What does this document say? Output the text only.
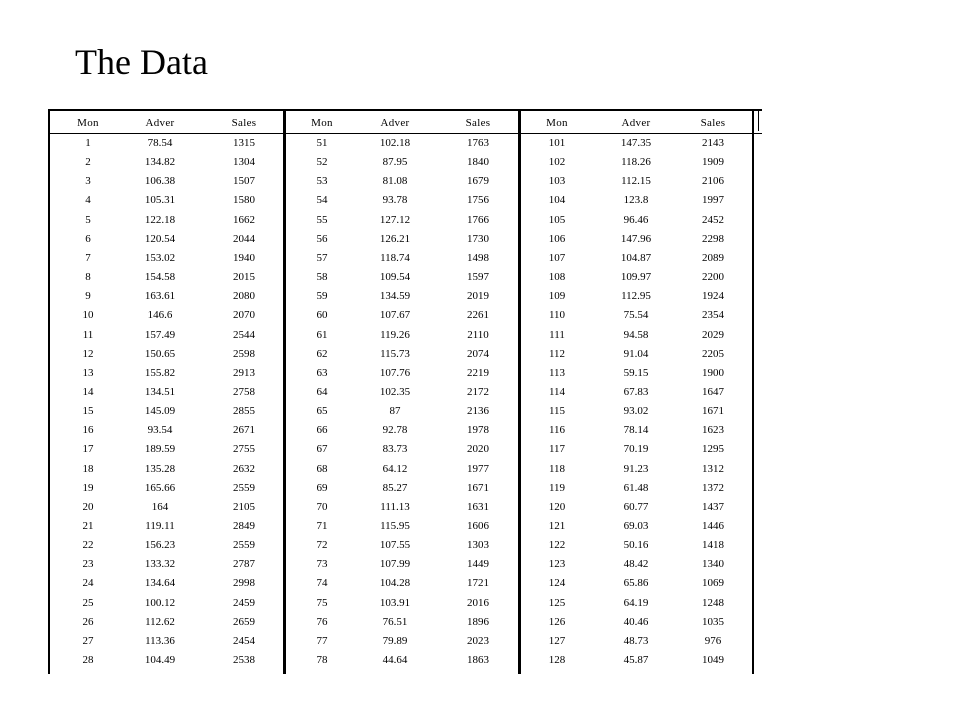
The Data
Mon	Adver	Sales
1	78.54	1315
2	134.82	1304
3	106.38	1507
4	105.31	1580
5	122.18	1662
6	120.54	2044
7	153.02	1940
8	154.58	2015
9	163.61	2080
10	146.6	2070
11	157.49	2544
12	150.65	2598
13	155.82	2913
14	134.51	2758
15	145.09	2855
16	93.54	2671
17	189.59	2755
18	135.28	2632
19	165.66	2559
20	164	2105
21	119.11	2849
22	156.23	2559
23	133.32	2787
24	134.64	2998
25	100.12	2459
26	112.62	2659
27	113.36	2454
28	104.49	2538
Mon	Adver	Sales
51	102.18	1763
52	87.95	1840
53	81.08	1679
54	93.78	1756
55	127.12	1766
56	126.21	1730
57	118.74	1498
58	109.54	1597
59	134.59	2019
60	107.67	2261
61	119.26	2110
62	115.73	2074
63	107.76	2219
64	102.35	2172
65	87	2136
66	92.78	1978
67	83.73	2020
68	64.12	1977
69	85.27	1671
70	111.13	1631
71	115.95	1606
72	107.55	1303
73	107.99	1449
74	104.28	1721
75	103.91	2016
76	76.51	1896
77	79.89	2023
78	44.64	1863
Mon	Adver	Sales
101	147.35	2143
102	118.26	1909
103	112.15	2106
104	123.8	1997
105	96.46	2452
106	147.96	2298
107	104.87	2089
108	109.97	2200
109	112.95	1924
110	75.54	2354
111	94.58	2029
112	91.04	2205
113	59.15	1900
114	67.83	1647
115	93.02	1671
116	78.14	1623
117	70.19	1295
118	91.23	1312
119	61.48	1372
120	60.77	1437
121	69.03	1446
122	50.16	1418
123	48.42	1340
124	65.86	1069
125	64.19	1248
126	40.46	1035
127	48.73	976
128	45.87	1049
